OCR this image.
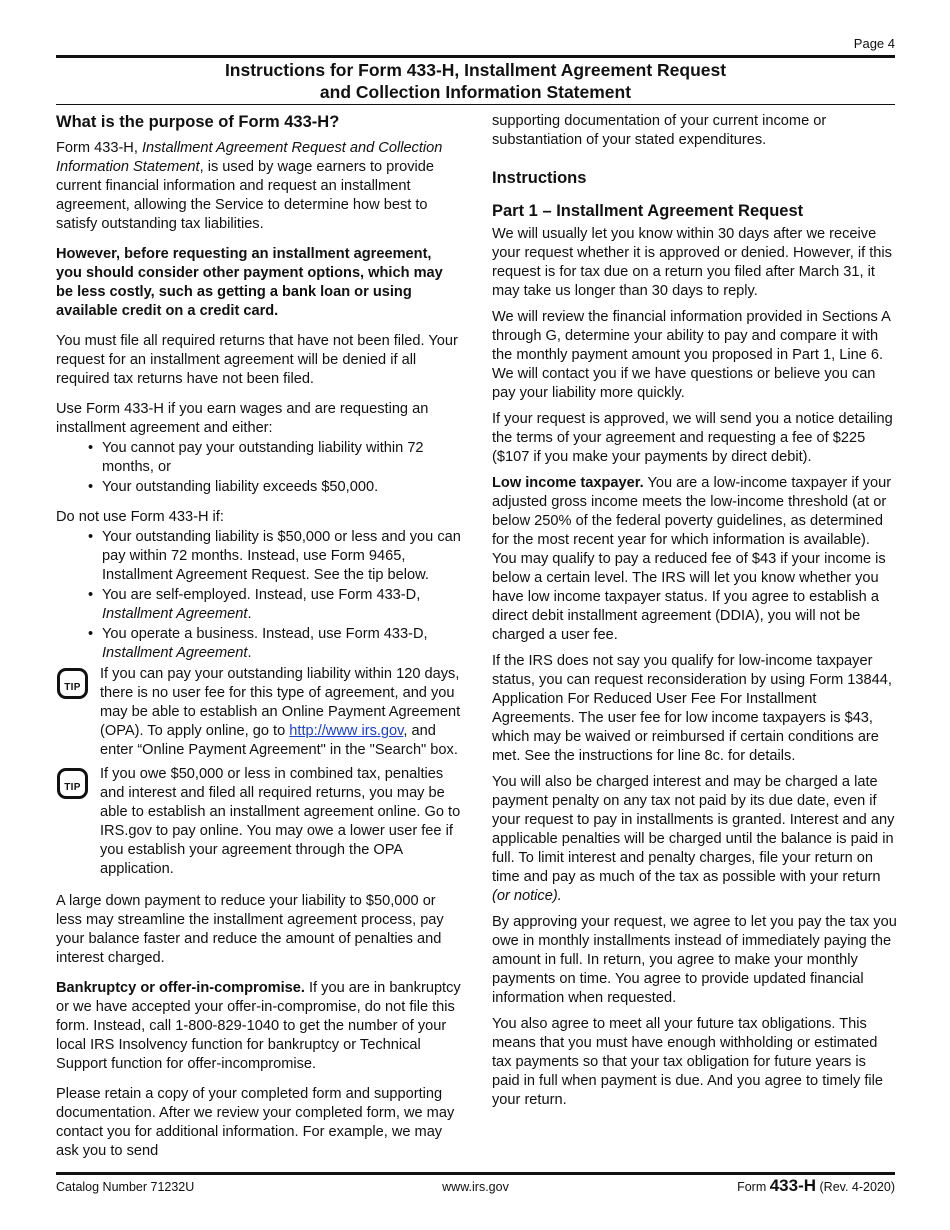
Page 4
Instructions for Form 433-H, Installment Agreement Request
and Collection Information Statement
What is the purpose of Form 433-H?

Form 433-H, Installment Agreement Request and Collection Information Statement, is used by wage earners to provide current financial information and request an installment agreement, allowing the Service to determine how best to satisfy outstanding tax liabilities.

However, before requesting an installment agreement, you should consider other payment options, which may be less costly, such as getting a bank loan or using available credit on a credit card.

You must file all required returns that have not been filed. Your request for an installment agreement will be denied if all required tax returns have not been filed.

Use Form 433-H if you earn wages and are requesting an installment agreement and either:

• You cannot pay your outstanding liability within 72 months, or
• Your outstanding liability exceeds $50,000.

Do not use Form 433-H if:

• Your outstanding liability is $50,000 or less and you can pay within 72 months. Instead, use Form 9465, Installment Agreement Request. See the tip below.
• You are self-employed. Instead, use Form 433-D, Installment Agreement.
• You operate a business. Instead, use Form 433-D, Installment Agreement.
TIP
If you can pay your outstanding liability within 120 days, there is no user fee for this type of agreement, and you may be able to establish an Online Payment Agreement (OPA). To apply online, go to http://www irs.gov, and enter “Online Payment Agreement" in the "Search" box.
TIP
If you owe $50,000 or less in combined tax, penalties and interest and filed all required returns, you may be able to establish an installment agreement online. Go to IRS.gov to pay online. You may owe a lower user fee if you establish your agreement through the OPA application.

A large down payment to reduce your liability to $50,000 or less may streamline the installment agreement process, pay your balance faster and reduce the amount of penalties and interest charged.

Bankruptcy or offer-in-compromise. If you are in bankruptcy or we have accepted your offer-in-compromise, do not file this form. Instead, call 1-800-829-1040 to get the number of your local IRS Insolvency function for bankruptcy or Technical Support function for offer-incompromise.

Please retain a copy of your completed form and supporting documentation. After we review your completed form, we may contact you for additional information. For example, we may ask you to send

supporting documentation of your current income or substantiation of your stated expenditures.

Instructions
Part 1 – Installment Agreement Request

We will usually let you know within 30 days after we receive your request whether it is approved or denied. However, if this request is for tax due on a return you filed after March 31, it may take us longer than 30 days to reply.

We will review the financial information provided in Sections A through G, determine your ability to pay and compare it with the monthly payment amount you proposed in Part 1, Line 6. We will contact you if we have questions or believe you can pay your liability more quickly.

If your request is approved, we will send you a notice detailing the terms of your agreement and requesting a fee of $225 ($107 if you make your payments by direct debit).

Low income taxpayer. You are a low-income taxpayer if your adjusted gross income meets the low-income threshold (at or below 250% of the federal poverty guidelines, as determined for the most recent year for which information is available). You may qualify to pay a reduced fee of $43 if your income is below a certain level. The IRS will let you know whether you have low income taxpayer status. If you agree to establish a direct debit installment agreement (DDIA), you will not be charged a user fee.

If the IRS does not say you qualify for low-income taxpayer status, you can request reconsideration by using Form 13844, Application For Reduced User Fee For Installment Agreements. The user fee for low income taxpayers is $43, which may be waived or reimbursed if certain conditions are met. See the instructions for line 8c. for details.

You will also be charged interest and may be charged a late payment penalty on any tax not paid by its due date, even if your request to pay in installments is granted. Interest and any applicable penalties will be charged until the balance is paid in full. To limit interest and penalty charges, file your return on time and pay as much of the tax as possible with your return (or notice).

By approving your request, we agree to let you pay the tax you owe in monthly installments instead of immediately paying the amount in full. In return, you agree to make your monthly payments on time. You agree to provide updated financial information when requested.

You also agree to meet all your future tax obligations. This means that you must have enough withholding or estimated tax payments so that your tax obligation for future years is paid in full when payment is due. And you agree to timely file your return.

Catalog Number 71232U	www.irs.gov	Form 433-H (Rev. 4-2020)
